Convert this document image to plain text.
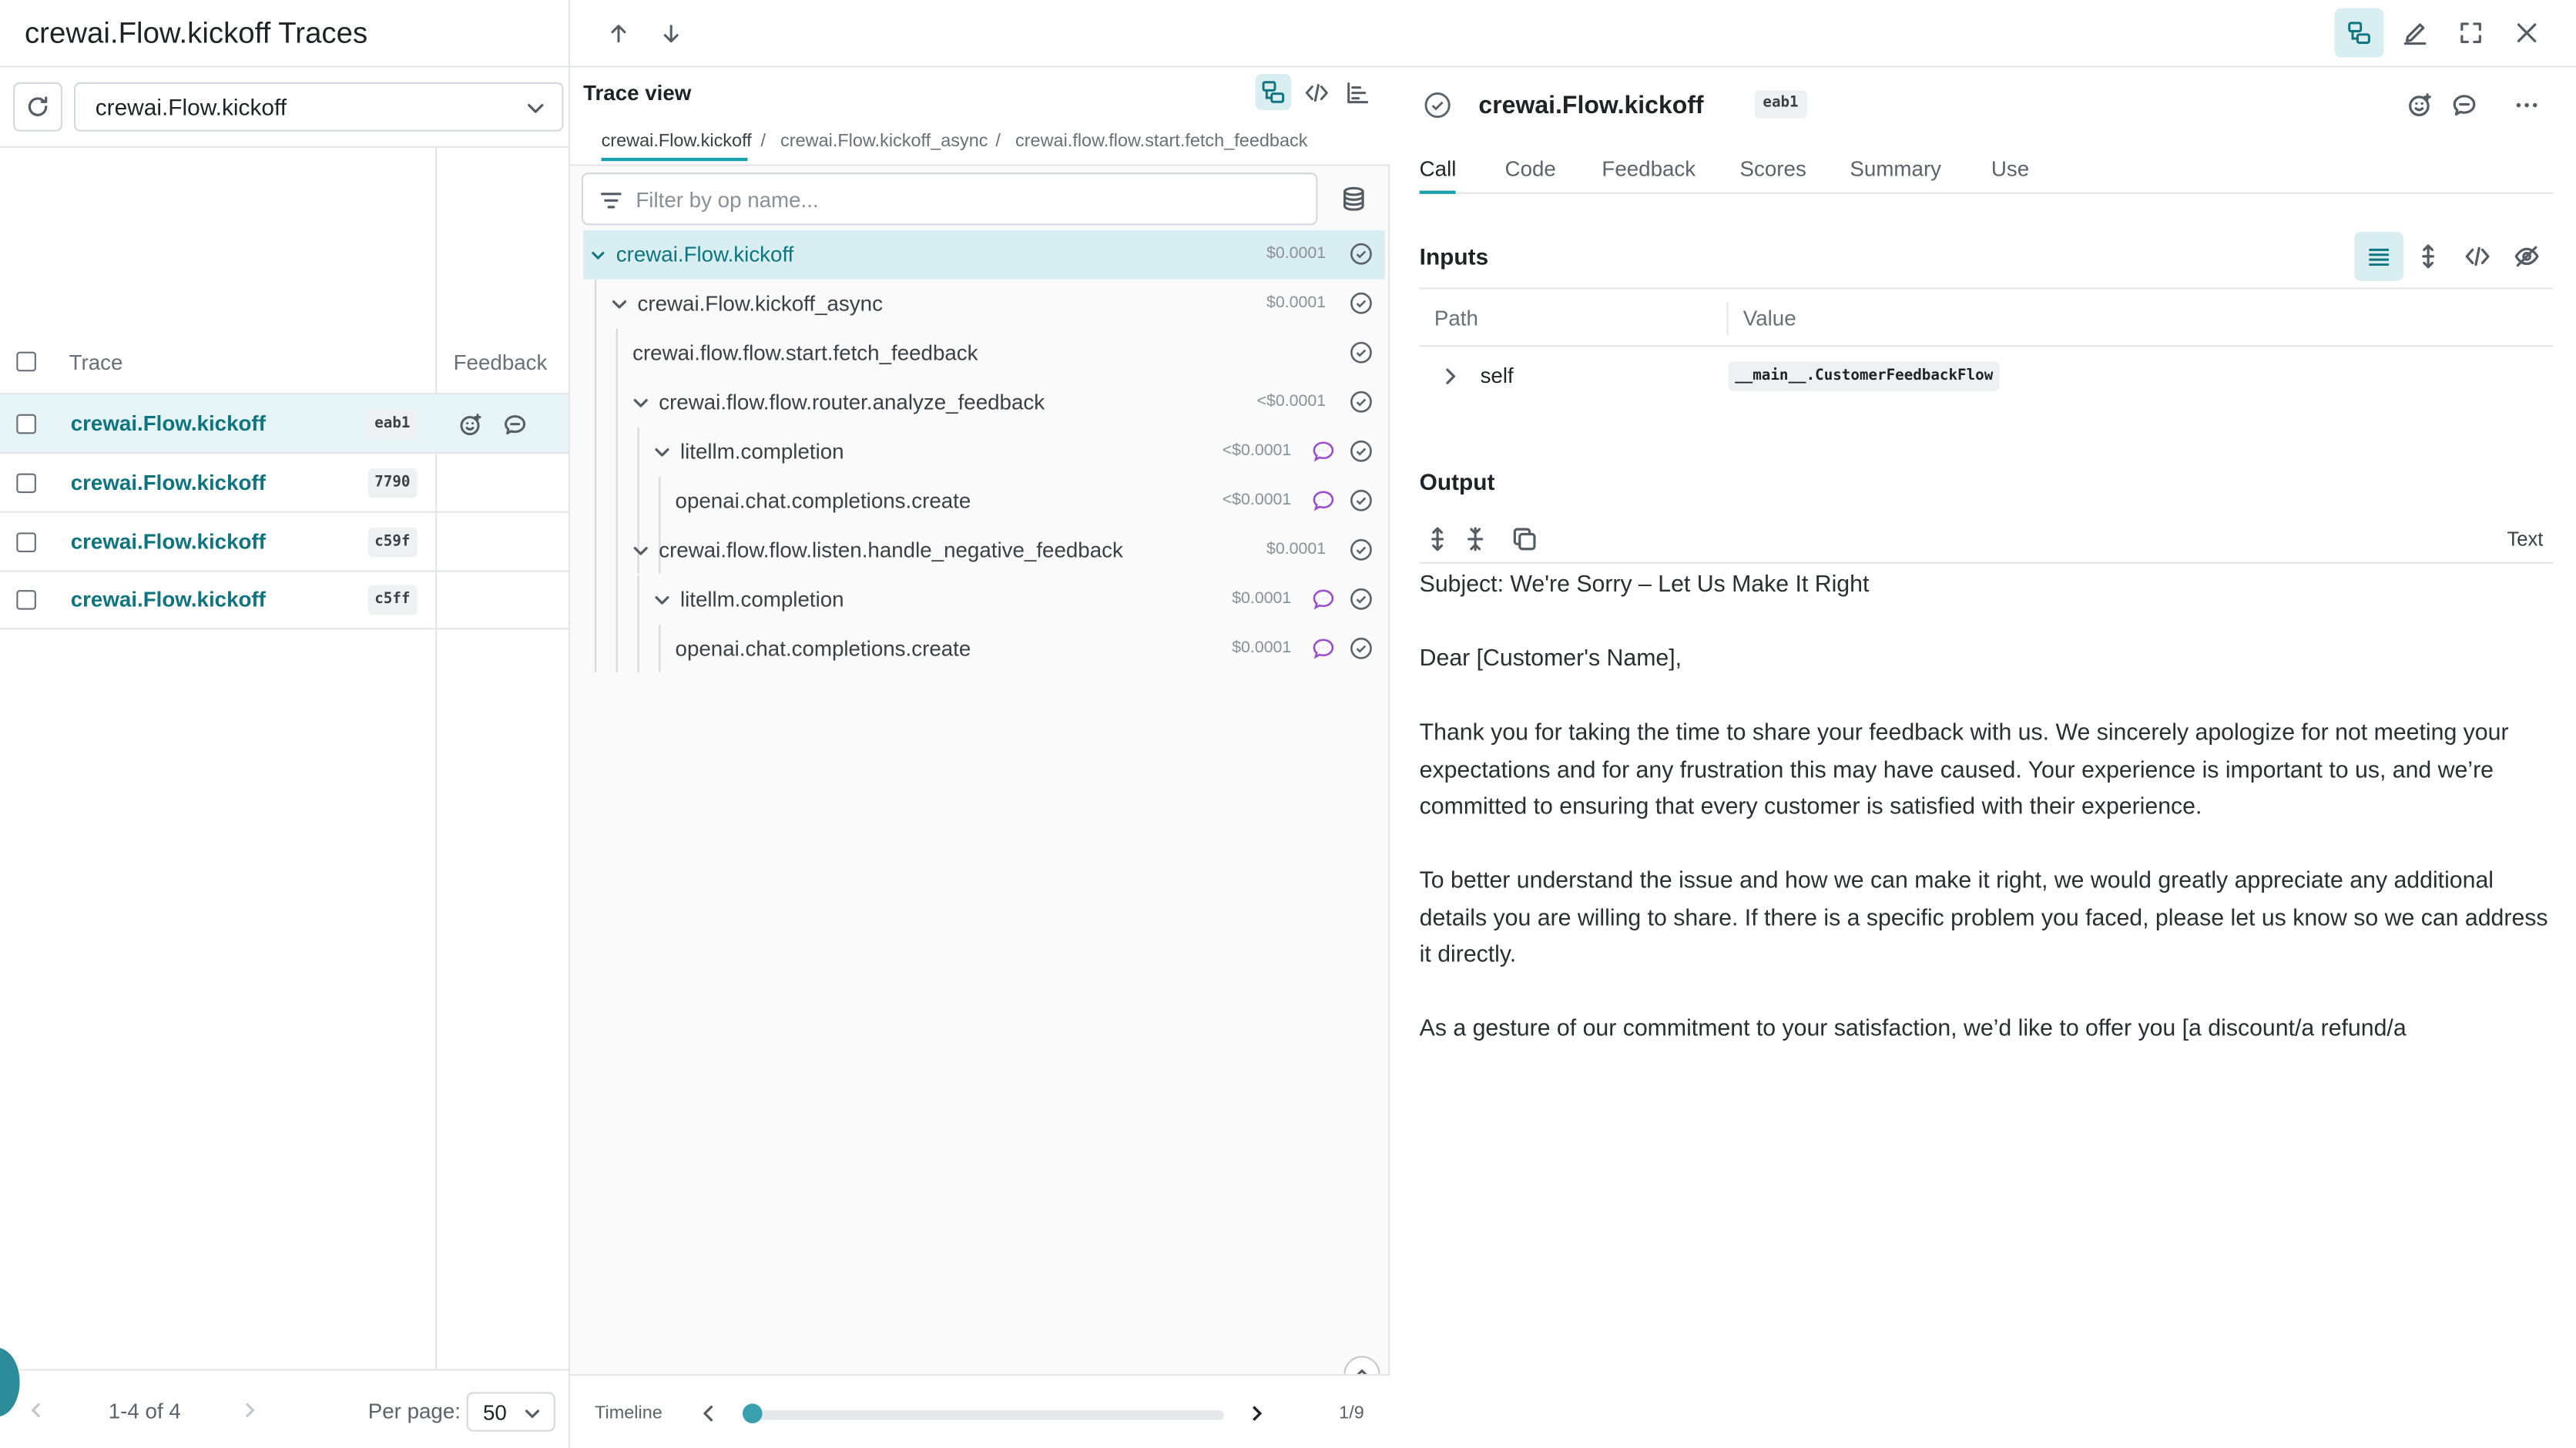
crewai.Flow.kickoff Traces
crewai.Flow.kickoff
Trace	Feedback
crewai.Flow.kickoff	eab1
crewai.Flow.kickoff	7790
crewai.Flow.kickoff	c59f
crewai.Flow.kickoff	c5ff
1-4 of 4	Per page: 50
Trace view
crewai.Flow.kickoff / crewai.Flow.kickoff_async / crewai.flow.flow.start.fetch_feedback
Filter by op name...
crewai.Flow.kickoff	$0.0001
crewai.Flow.kickoff_async	$0.0001
crewai.flow.flow.start.fetch_feedback
crewai.flow.flow.router.analyze_feedback	<$0.0001
litellm.completion	<$0.0001
openai.chat.completions.create	<$0.0001
crewai.flow.flow.listen.handle_negative_feedback	$0.0001
litellm.completion	$0.0001
openai.chat.completions.create	$0.0001
Timeline	1/9
crewai.Flow.kickoff	eab1
Call	Code	Feedback	Scores	Summary	Use
Inputs
Path	Value
self	__main__.CustomerFeedbackFlow
Output
Text

Subject: We're Sorry – Let Us Make It Right

Dear [Customer's Name],

Thank you for taking the time to share your feedback with us. We sincerely apologize for not meeting your expectations and for any frustration this may have caused. Your experience is important to us, and we’re committed to ensuring that every customer is satisfied with their experience.

To better understand the issue and how we can make it right, we would greatly appreciate any additional details you are willing to share. If there is a specific problem you faced, please let us know so we can address it directly.

As a gesture of our commitment to your satisfaction, we’d like to offer you [a discount/a refund/a
